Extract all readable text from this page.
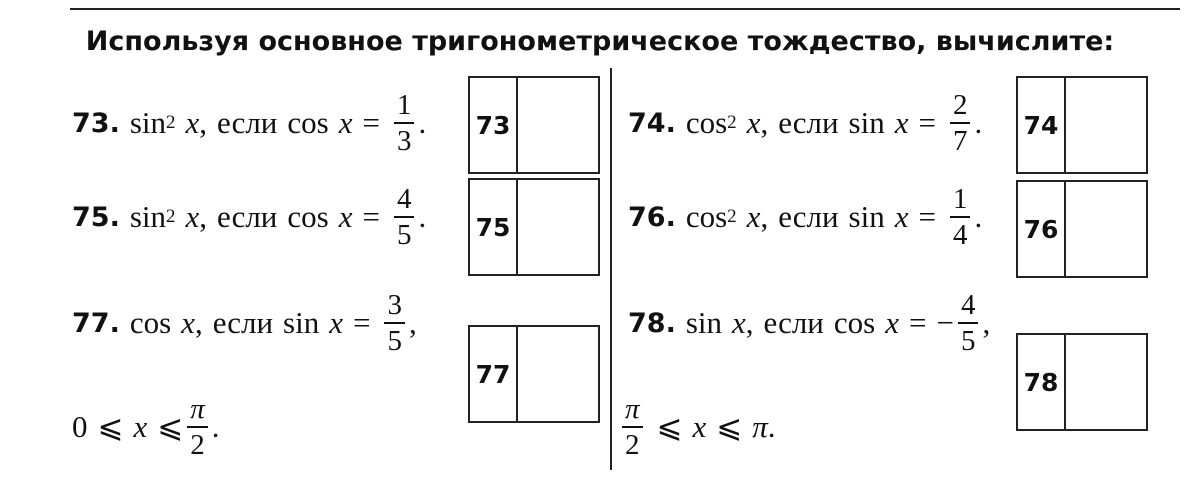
Используя основное тригонометрическое тождество, вычислите:
73. sin 2 x , если $\cos x = \frac{1}{3}$ . 73	74. cos 2 x , если $\sin x = \frac{2}{7}$ . 74
75. sin 2 x , если $\cos x = \frac{4}{5}$ . 75	76. cos 2 x , если $\sin x = \frac{1}{4}$ . 76
77. cos x , если $\sin x = \frac{3}{5}$ ,
0 ⩽ x ⩽ $\frac{\pi}{2}$ .
77
78. sin x , если cos x = − $\frac{4}{5}$ ,
$\frac{\pi}{2}$ ⩽ x ⩽ π .
78
